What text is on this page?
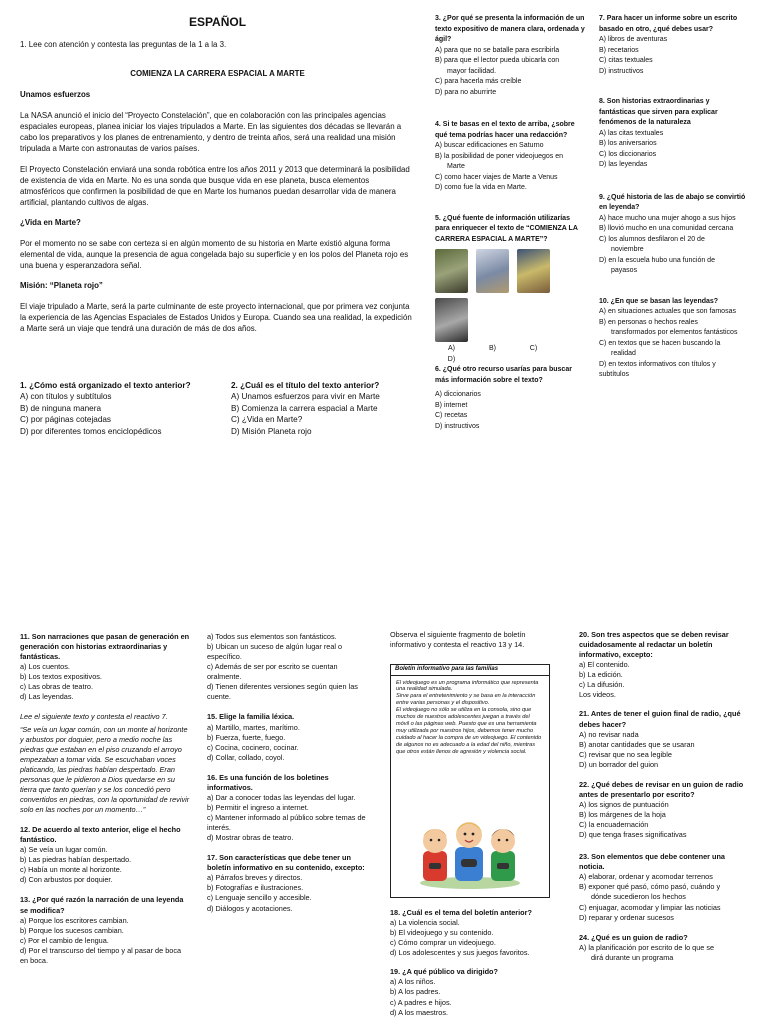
ESPAÑOL
1. Lee con atención y contesta las preguntas de la 1 a la 3.
COMIENZA LA CARRERA ESPACIAL A MARTE
Unamos esfuerzos

La NASA anunció el inicio del “Proyecto Constelación”, que en colaboración con las principales agencias espaciales europeas, planea iniciar los viajes tripulados a Marte. En las siguientes dos décadas se llevarán a cabo los preparativos y los planes de entrenamiento, y dentro de treinta años, será una realidad una misión tripulada a Marte con astronautas de varios países.

El Proyecto Constelación enviará una sonda robótica entre los años 2011 y 2013 que determinará la posibilidad de existencia de vida en Marte. No es una sonda que busque vida en ese planeta, busca elementos atmosféricos que confirmen la posibilidad de que en Marte los humanos puedan desarrollar vida de manera artificial, plantando cultivos de algas.

¿Vida en Marte?

Por el momento no se sabe con certeza si en algún momento de su historia en Marte existió alguna forma elemental de vida, aunque la presencia de agua congelada bajo su superficie y en los polos del Planeta rojo es una buena y esperanzadora señal.

Misión: “Planeta rojo”

El viaje tripulado a Marte, será la parte culminante de este proyecto internacional, que por primera vez conjunta la experiencia de las Agencias Espaciales de Estados Unidos y Europa. Cuando sea una realidad, la expedición a Marte será un viaje que tendrá una duración de más de dos años.

1. ¿Cómo está organizado el texto anterior?
A) con títulos y subtítulos
B) de ninguna manera
C) por páginas cotejadas
D) por diferentes tomos enciclopédicos
2. ¿Cuál es el título del texto anterior?
A) Unamos esfuerzos para vivir en Marte
B) Comienza la carrera espacial a Marte
C) ¿Vida en Marte?
D) Misión Planeta rojo
3. ¿Por qué se presenta la información de un texto expositivo de manera clara, ordenada y ágil?
A) para que no se batalle para escribirla
B) para que el lector pueda ubicarla con
mayor facilidad.
C) para hacerla más creíble
D) para no aburrirte
4. Si te basas en el texto de arriba, ¿sobre qué tema podrías hacer una redacción?
A) buscar edificaciones en Saturno
B) la posibilidad de poner videojuegos en
Marte
C) como hacer viajes de Marte a Venus
D) como fue la vida en Marte.
5. ¿Qué fuente de información utilizarías para enriquecer el texto de “COMIENZA LA CARRERA ESPACIAL A MARTE”?
A)	B)	C)D)
6. ¿Qué otro recurso usarías para buscar más información sobre el texto?
A) diccionarios
B) internet
C) recetas
D) instructivos
7. Para hacer un informe sobre un escrito basado en otro, ¿qué debes usar?
A) libros de aventuras
B) recetarios
C) citas textuales
D) instructivos
8. Son historias extraordinarias y fantásticas que sirven para explicar fenómenos de la naturaleza
A) las citas textuales
B) los aniversarios
C) los diccionarios
D) las leyendas
9. ¿Qué historia de las de abajo se convirtió en leyenda?
A) hace mucho una mujer ahogo a sus hijos
B) llovió mucho en una comunidad cercana
C) los alumnos desfilaron el 20 de
noviembre
D) en la escuela hubo una función de
payasos
10. ¿En que se basan las leyendas?
A) en situaciones actuales que son famosas
B) en personas o hechos reales
transformados por elementos fantásticos
C) en textos que se hacen buscando la
realidad
D) en textos informativos con títulos y subtítulos
11. Son narraciones que pasan de generación en generación con historias extraordinarias y fantásticas.
a) Los cuentos.
b) Los textos expositivos.
c) Las obras de teatro.
d) Las leyendas.
Lee el siguiente texto y contesta el reactivo 7.
“Se veía un lugar común, con un monte al horizonte y arbustos por doquier, pero a medio noche las piedras que estaban en el piso cruzando el arroyo empezaban a tomar vida. Se escuchaban voces platicando, las piedras habían despertado. Eran personas que le pidieron a Dios quedarse en su tierra que tanto querían y se los concedió pero convertidos en piedras, con la oportunidad de revivir solo en las noches por un momento…”
12. De acuerdo al texto anterior, elige el hecho fantástico.
a) Se veía un lugar común.
b) Las piedras habían despertado.
c) Había un monte al horizonte.
d) Con arbustos por doquier.
13. ¿Por qué razón la narración de una leyenda se modifica?
a) Porque los escritores cambian.
b) Porque los sucesos cambian.
c) Por el cambio de lengua.
d) Por el transcurso del tiempo y al pasar de boca en boca.
a) Todos sus elementos son fantásticos.
b) Ubican un suceso de algún lugar real o específico.
c) Además de ser por escrito se cuentan oralmente.
d) Tienen diferentes versiones según quien las cuente.
15. Elige la familia léxica.
a) Martillo, martes, marítimo.
b) Fuerza, fuerte, fuego.
c) Cocina, cocinero, cocinar.
d) Collar, collado, coyol.
16. Es una función de los boletines informativos.
a) Dar a conocer todas las leyendas del lugar.
b) Permitir el ingreso a internet.
c) Mantener informado al público sobre temas de interés.
d) Mostrar obras de teatro.
17. Son características que debe tener un boletín informativo en su contenido, excepto:
a) Párrafos breves y directos.
b) Fotografías e ilustraciones.
c) Lenguaje sencillo y accesible.
d) Diálogos y acotaciones.
Observa el siguiente fragmento de boletín informativo y contesta el reactivo 13 y 14.
Boletín informativo para las familias
El videojuego es un programa informático que representa una realidad simulada.
Sirve para el entretenimiento y se basa en la interacción entre varias personas y el dispositivo.
El videojuego no sólo se utiliza en la consola, sino que muchos de nuestros adolescentes juegan a través del móvil o las páginas web. Puesto que es una herramienta muy utilizada por nuestros hijos, debemos tener mucho cuidado al hacer la compra de un videojuego. El contenido de algunos no es adecuado a la edad del niño, mientras que otros están llenos de agresión y violencia social.
18. ¿Cuál es el tema del boletín anterior?
a) La violencia social.
b) El videojuego y su contenido.
c) Cómo comprar un videojuego.
d) Los adolescentes y sus juegos favoritos.
19. ¿A qué público va dirigido?
a) A los niños.
b) A los padres.
c) A padres e hijos.
d) A los maestros.
20. Son tres aspectos que se deben revisar cuidadosamente al redactar un boletín informativo, excepto:
a) El contenido.
b) La edición.
c) La difusión.
Los videos.
21. Antes de tener el guion final de radio, ¿qué debes hacer?
A) no revisar nada
B) anotar cantidades que se usaran
C) revisar que no sea legible
D) un borrador del guion
22. ¿Qué debes de revisar en un guion de radio antes de presentarlo por escrito?
A) los signos de puntuación
B) los márgenes de la hoja
C) la encuadernación
D) que tenga frases significativas
23. Son elementos que debe contener una noticia.
A) elaborar, ordenar y acomodar terrenos
B) exponer qué pasó, cómo pasó, cuándo y
dónde sucedieron los hechos
C) enjuagar, acomodar y limpiar las noticias
D) reparar y ordenar sucesos
24. ¿Qué es un guion de radio?
A) la planificación por escrito de lo que se
dirá durante un programa
